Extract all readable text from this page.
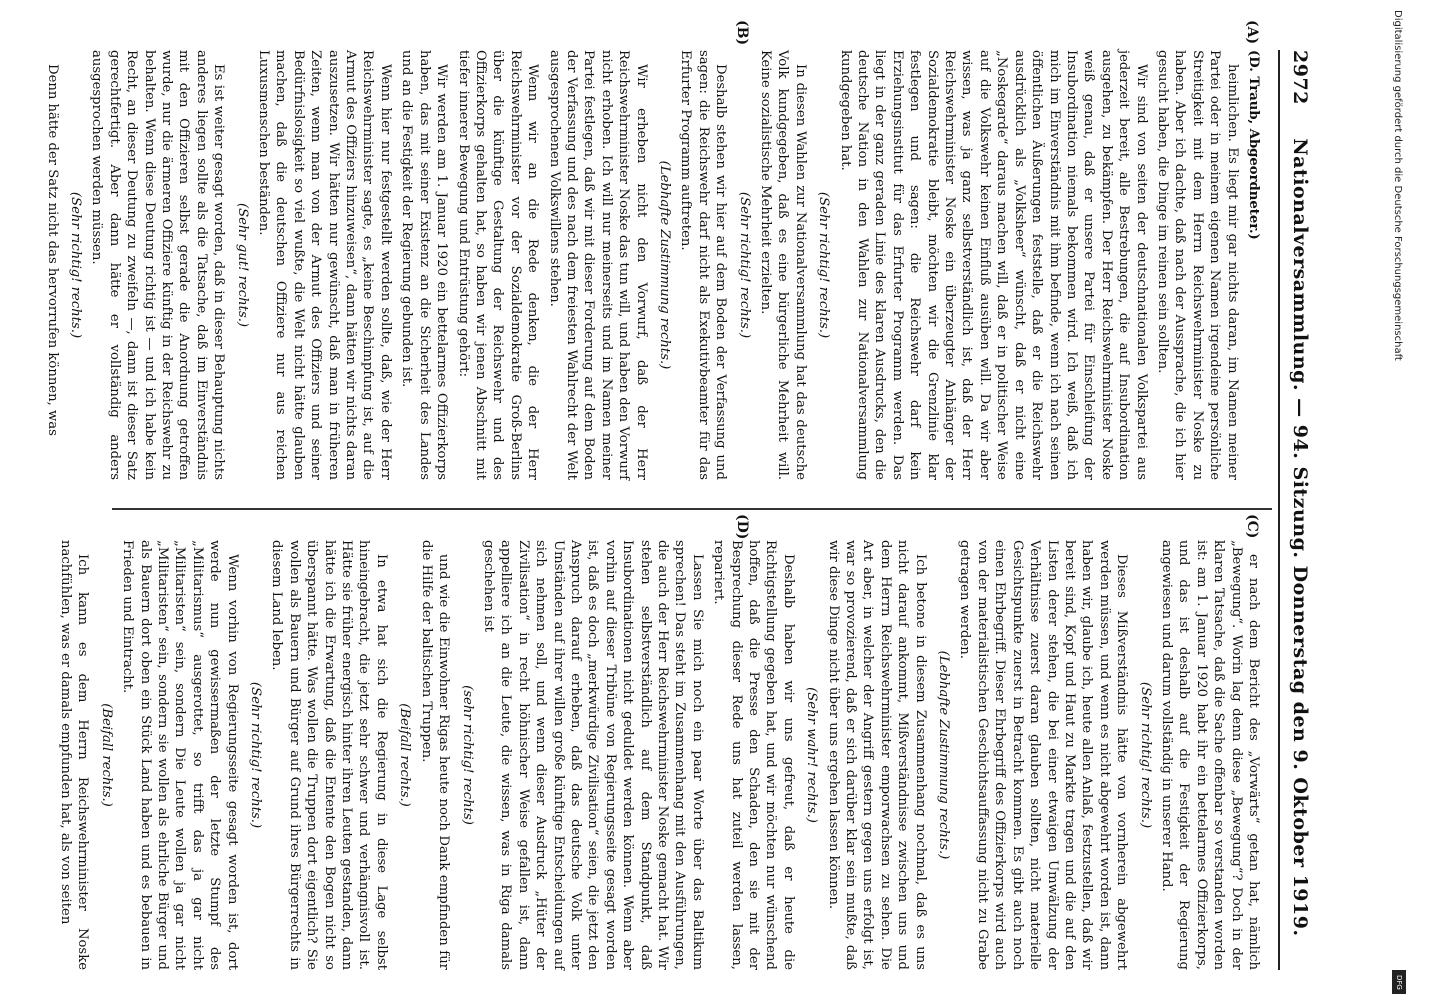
2972
Nationalversammlung. — 94. Sitzung. Donnerstag den 9. Oktober 1919.
(A)
(B)
(C)
(D)

(D. Traub, Abgeordneter.)

heimlichen. Es liegt mir gar nichts daran, im Namen meiner Partei oder in meinem eigenen Namen irgendeine persönliche Streitigkeit mit dem Herrn Reichswehrminister Noske zu haben. Aber ich dachte, daß nach der Aussprache, die ich hier gesucht haben, die Dinge im reinen sein sollten.

Wir sind von seiten der deutschnationalen Volkspartei aus jederzeit bereit, alle Bestrebungen, die auf Insubordination ausgehen, zu bekämpfen. Der Herr Reichswehrminister Noske weiß genau, daß er unsere Partei für Einschleifung der Insubordination niemals bekommen wird. Ich weiß, daß ich mich im Einverständnis mit ihm befinde, wenn ich nach seinen öffentlichen Äußerungen feststelle, daß er die Reichswehr ausdrücklich als „Volksheer“ wünscht, daß er nicht eine „Noskegarde“ daraus machen will, daß er in politischer Weise auf die Volkswehr keinen Einfluß ausüben will. Da wir aber wissen, was ja ganz selbstverständlich ist, daß der Herr Reichswehrminister Noske ein überzeugter Anhänger der Sozialdemokratie bleibt, möchten wir die Grenzlinie klar festlegen und sagen: die Reichswehr darf kein Erziehungsinstitut für das Erfurter Programm werden. Das liegt in der ganz geraden Linie des klaren Ausdrucks, den die deutsche Nation in den Wahlen zur Nationalversammlung kundgegeben hat.

(Sehr richtig! rechts.)

In diesen Wahlen zur Nationalversammlung hat das deutsche Volk kundgegeben, daß es eine bürgerliche Mehrheit will. Keine sozialistische Mehrheit erzielten.

(Sehr richtig! rechts.)

Deshalb stehen wir hier auf dem Boden der Verfassung und sagen: die Reichswehr darf nicht als Exekutivbeamter für das Erfurter Programm auftreten.

(Lebhafte Zustimmung rechts.)

Wir erheben nicht den Vorwurf, daß der Herr Reichswehrminister Noske das tun will, und haben den Vorwurf nicht erhoben. Ich will nur meinerseits und im Namen meiner Partei festlegen, daß wir mit dieser Forderung auf dem Boden der Verfassung und des nach dem freiesten Wahlrecht der Welt ausgesprochenen Volkswillens stehen.

Wenn wir an die Rede denken, die der Herr Reichswehrminister vor der Sozialdemokratie Groß-Berlins über die künftige Gestaltung der Reichswehr und des Offizierkorps gehalten hat, so haben wir jenen Abschnitt mit tiefer innerer Bewegung und Entrüstung gehört:

Wir werden am 1. Januar 1920 ein bettelarmes Offizierkorps haben, das mit seiner Existenz an die Sicherheit des Landes und an die Festigkeit der Regierung gebunden ist.

Wenn hier nur festgestellt werden sollte, daß, wie der Herr Reichswehrminister sagte, es „keine Beschimpfung ist, auf die Armut des Offiziers hinzuweisen“, dann hätten wir nichts daran auszusetzen. Wir hätten nur gewünscht, daß man in früheren Zeiten, wenn man von der Armut des Offiziers und seiner Bedürfnislosigkeit so viel wußte, die Welt nicht hätte glauben machen, daß die deutschen Offiziere nur aus reichen Luxusmenschen beständen.

(Sehr gut! rechts.)

Es ist weiter gesagt worden, daß in dieser Behauptung nichts anderes liegen sollte als die Tatsache, daß im Einverständnis mit den Offizieren selbst gerade die Anordnung getroffen wurde, nur die ärmeren Offiziere künftig in der Reichswehr zu behalten. Wenn diese Deutung richtig ist — und ich habe kein Recht, an dieser Deutung zu zweifeln —, dann ist dieser Satz gerechtfertigt. Aber dann hätte er vollständig anders ausgesprochen werden müssen.

(Sehr richtig! rechts.)

Denn hätte der Satz nicht das hervorrufen können, was

er nach dem Bericht des „Vorwärts“ getan hat, nämlich „Bewegung“. Worin lag denn diese „Bewegung“? Doch in der klaren Tatsache, daß die Sache offenbar so verstanden worden ist: am 1. Januar 1920 habt ihr ein bettelarmes Offizierkorps, und das ist deshalb auf die Festigkeit der Regierung angewiesen und darum vollständig in unserer Hand.

(Sehr richtig! rechts.)

Dieses Mißverständnis hätte von vornherein abgewehrt werden müssen, und wenn es nicht abgewehrt worden ist, dann haben wir, glaube ich, heute allen Anlaß, festzustellen, daß wir bereit sind, Kopf und Haut zu Markte tragen und die auf den Listen derer stehen, die bei einer etwaigen Umwälzung der Verhältnisse zuerst daran glauben sollten, nicht materielle Gesichtspunkte zuerst in Betracht kommen. Es gibt auch noch einen Ehrbegriff. Dieser Ehrbegriff des Offizierkorps wird auch von der materialistischen Geschichtsauffassung nicht zu Grabe getragen werden.

(Lebhafte Zustimmung rechts.)

Ich betone in diesem Zusammenhang nochmal, daß es uns nicht darauf ankommt, Mißverständnisse zwischen uns und dem Herrn Reichswehrminister emporwachsen zu sehen. Die Art aber, in welcher der Angriff gestern gegen uns erfolgt ist, war so provozierend, daß er sich darüber klar sein mußte, daß wir diese Dinge nicht über uns ergehen lassen können.

(Sehr wahr! rechts.)

Deshalb haben wir uns gefreut, daß er heute die Richtigstellung gegeben hat, und wir möchten nur wünschend hoffen, daß die Presse den Schaden, den sie mit der Besprechung dieser Rede uns hat zuteil werden lassen, repariert.

Lassen Sie mich noch ein paar Worte über das Baltikum sprechen! Das steht im Zusammenhang mit den Ausführungen, die auch der Herr Reichswehrminister Noske gemacht hat. Wir stehen selbstverständlich auf dem Standpunkt, daß Insubordinationen nicht geduldet werden können. Wenn aber vorhin auf dieser Tribüne von Regierungsseite gesagt worden ist, daß es doch „merkwürdige Zivilisation“ seien, die jetzt den Anspruch darauf erheben, daß das deutsche Volk unter Umständen auf ihrer willen große künftige Entscheidungen auf sich nehmen soll, und wenn dieser Ausdruck „Hüter der Zivilisation“ in recht höhnischer Weise gefallen ist, dann appelliere ich an die Leute, die wissen, was in Riga damals geschehen ist

(sehr richtig! rechts)

und wie die Einwohner Rigas heute noch Dank empfinden für die Hilfe der baltischen Truppen.

(Beifall rechts.)

In etwa hat sich die Regierung in diese Lage selbst hineingebracht, die jetzt sehr schwer und verhängnisvoll ist. Hätte sie früher energisch hinter ihren Leuten gestanden, dann hätte ich die Erwartung, daß die Entente den Bogen nicht so überspannt hätte. Was wollen die Truppen dort eigentlich? Sie wollen als Bauern und Bürger auf Grund ihres Bürgerrechts in diesem Land leben.

(Sehr richtig! rechts.)

Wenn vorhin von Regierungsseite gesagt worden ist, dort werde nun gewissermaßen der letzte Stumpf des „Militarismus“ ausgerottet, so trifft das ja gar nicht „Militaristen“ sein, sondern Die Leute wollen ja gar nicht „Militaristen“ sein, sondern sie wollen als ehrliche Bürger und als Bauern dort oben ein Stück Land haben und es bebauen in Frieden und Eintracht.

(Beifall rechts.)

Ich kann es dem Herrn Reichswehrminister Noske nachfühlen, was er damals empfunden hat, als von seiten

Digitalisierung gefördert durch die Deutsche Forschungsgemeinschaft
DFG
